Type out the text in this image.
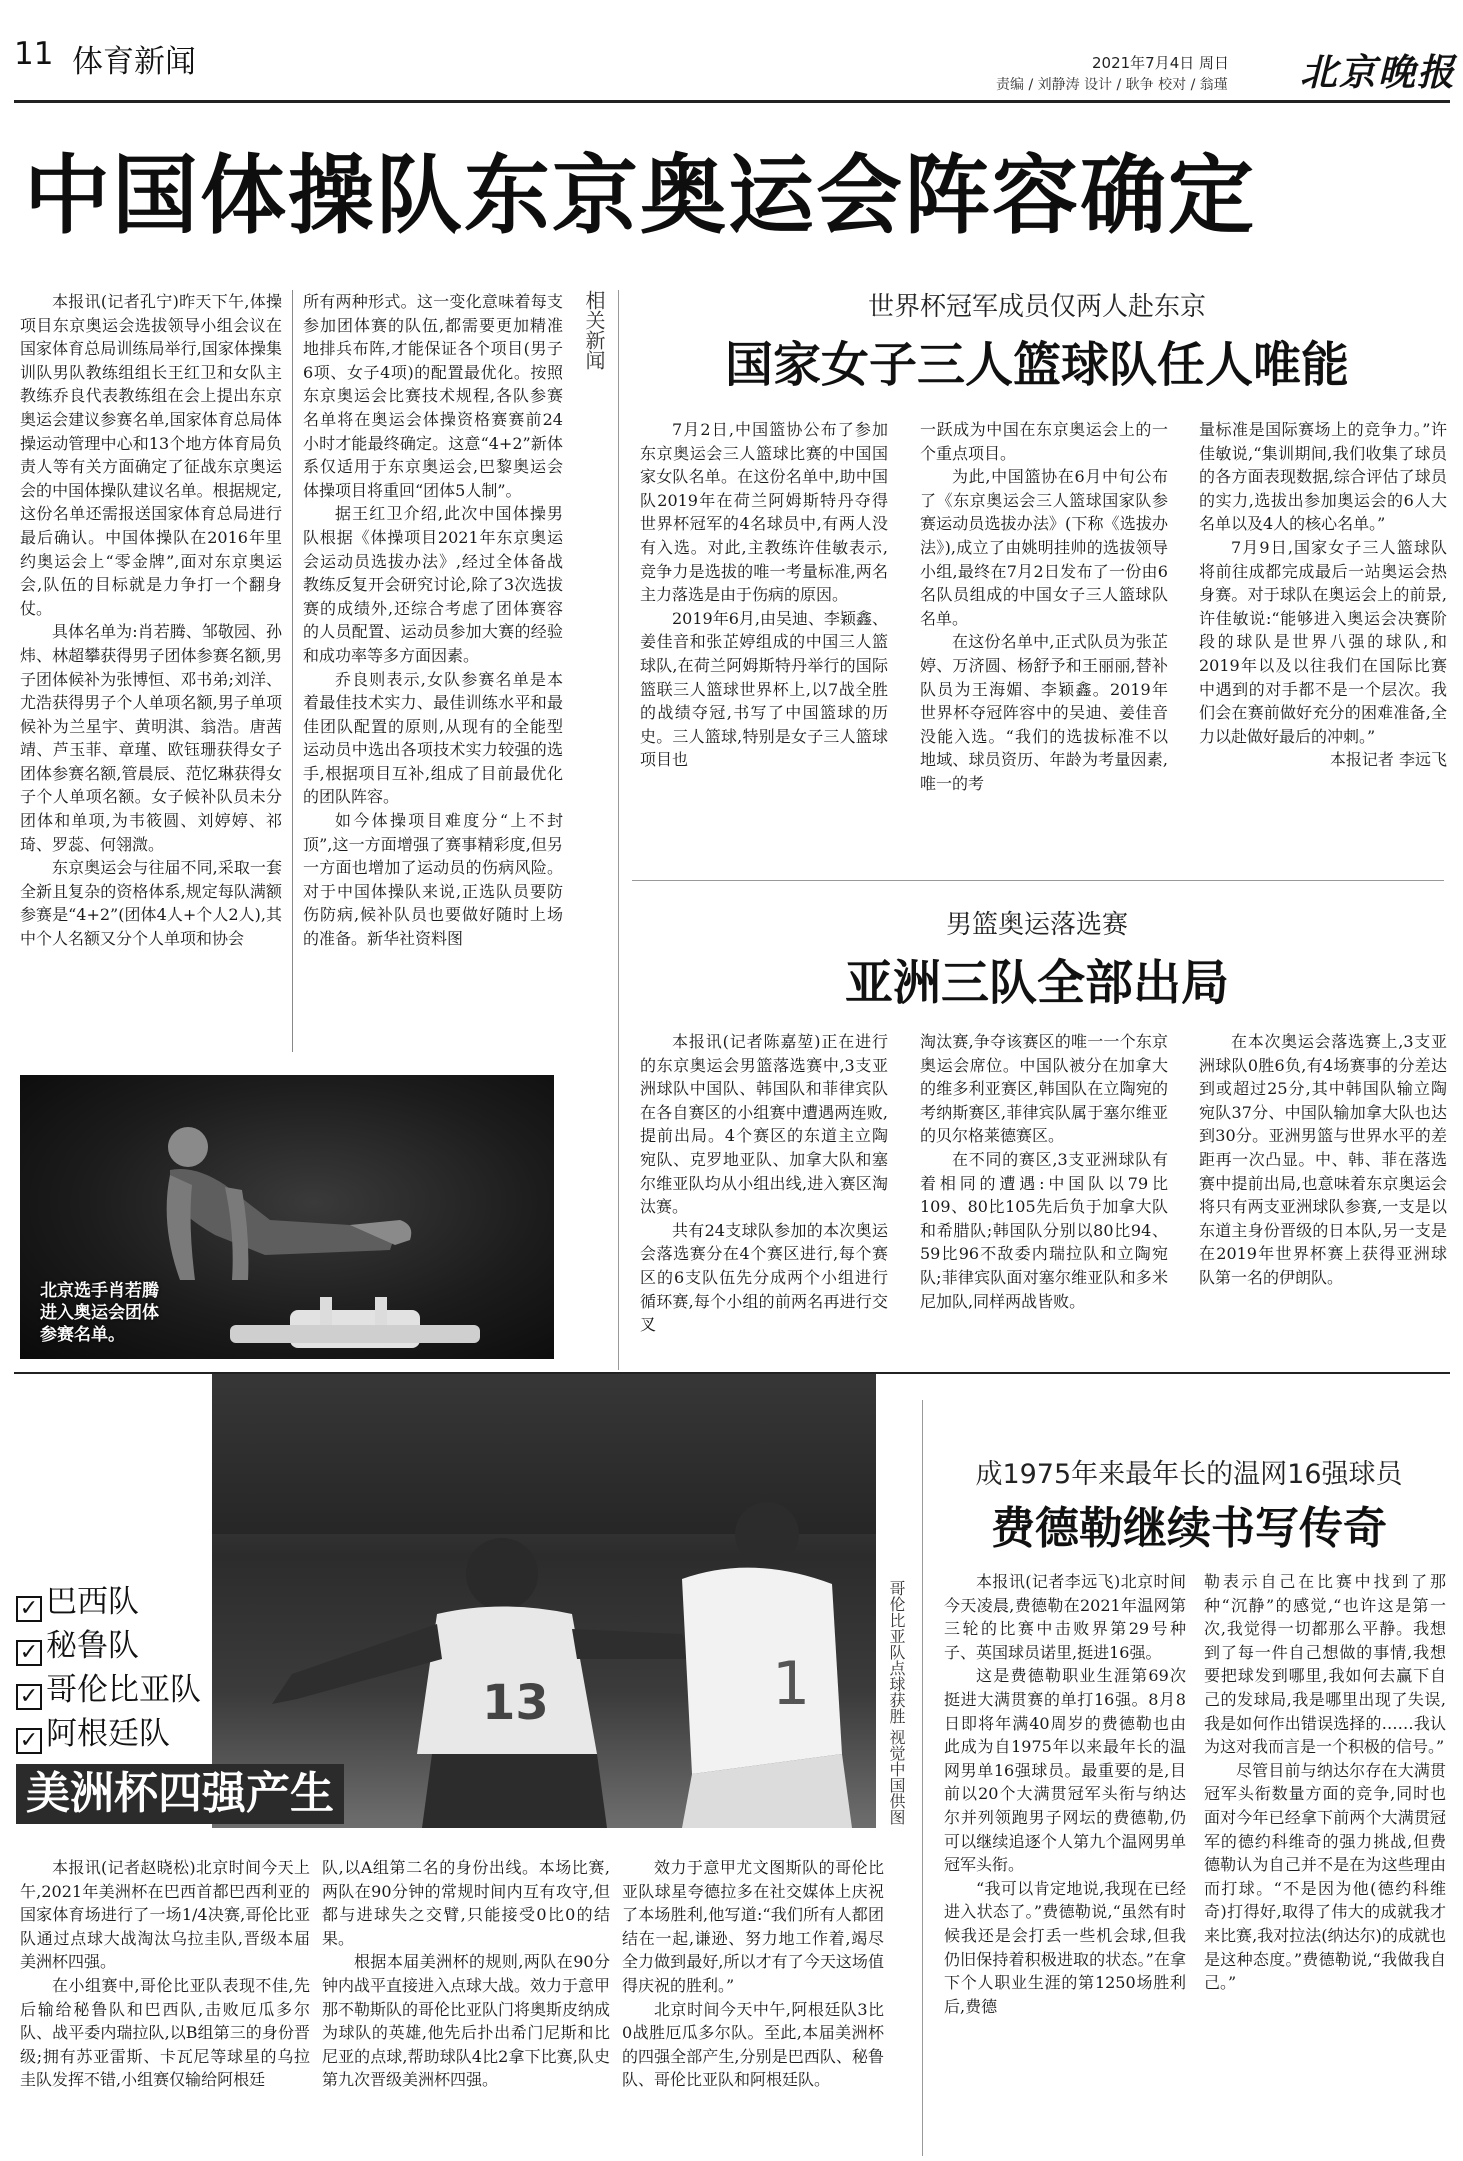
11 体育新闻	2021年7月4日 周日
责编 / 刘静涛 设计 / 耿争 校对 / 翁瑾 北京晚报
中国体操队东京奥运会阵容确定

本报讯(记者孔宁)昨天下午,体操项目东京奥运会选拔领导小组会议在国家体育总局训练局举行,国家体操集训队男队教练组组长王红卫和女队主教练乔良代表教练组在会上提出东京奥运会建议参赛名单,国家体育总局体操运动管理中心和13个地方体育局负责人等有关方面确定了征战东京奥运会的中国体操队建议名单。根据规定,这份名单还需报送国家体育总局进行最后确认。中国体操队在2016年里约奥运会上“零金牌”,面对东京奥运会,队伍的目标就是力争打一个翻身仗。

具体名单为:肖若腾、邹敬园、孙炜、林超攀获得男子团体参赛名额,男子团体候补为张博恒、邓书弟;刘洋、尤浩获得男子个人单项名额,男子单项候补为兰星宇、黄明淇、翁浩。唐茜靖、芦玉菲、章瑾、欧钰珊获得女子团体参赛名额,管晨辰、范忆琳获得女子个人单项名额。女子候补队员未分团体和单项,为韦筱圆、刘婷婷、祁琦、罗蕊、何翎溦。

东京奥运会与往届不同,采取一套全新且复杂的资格体系,规定每队满额参赛是“4+2”(团体4人+个人2人),其中个人名额又分个人单项和协会

所有两种形式。这一变化意味着每支参加团体赛的队伍,都需要更加精准地排兵布阵,才能保证各个项目(男子6项、女子4项)的配置最优化。按照东京奥运会比赛技术规程,各队参赛名单将在奥运会体操资格赛赛前24小时才能最终确定。这意“4+2”新体系仅适用于东京奥运会,巴黎奥运会体操项目将重回“团体5人制”。

据王红卫介绍,此次中国体操男队根据《体操项目2021年东京奥运会运动员选拔办法》,经过全体备战教练反复开会研究讨论,除了3次选拔赛的成绩外,还综合考虑了团体赛容的人员配置、运动员参加大赛的经验和成功率等多方面因素。

乔良则表示,女队参赛名单是本着最佳技术实力、最佳训练水平和最佳团队配置的原则,从现有的全能型运动员中选出各项技术实力较强的选手,根据项目互补,组成了目前最优化的团队阵容。

如今体操项目难度分“上不封顶”,这一方面增强了赛事精彩度,但另一方面也增加了运动员的伤病风险。对于中国体操队来说,正选队员要防伤防病,候补队员也要做好随时上场的准备。新华社资料图

北京选手肖若腾进入奥运会团体参赛名单。
相关新闻	世界杯冠军成员仅两人赴东京
国家女子三人篮球队任人唯能

7月2日,中国篮协公布了参加东京奥运会三人篮球比赛的中国国家女队名单。在这份名单中,助中国队2019年在荷兰阿姆斯特丹夺得世界杯冠军的4名球员中,有两人没有入选。对此,主教练许佳敏表示,竞争力是选拔的唯一考量标准,两名主力落选是由于伤病的原因。

2019年6月,由吴迪、李颖鑫、姜佳音和张芷婷组成的中国三人篮球队,在荷兰阿姆斯特丹举行的国际篮联三人篮球世界杯上,以7战全胜的战绩夺冠,书写了中国篮球的历史。三人篮球,特别是女子三人篮球项目也

一跃成为中国在东京奥运会上的一个重点项目。

为此,中国篮协在6月中旬公布了《东京奥运会三人篮球国家队参赛运动员选拔办法》(下称《选拔办法》),成立了由姚明挂帅的选拔领导小组,最终在7月2日发布了一份由6名队员组成的中国女子三人篮球队名单。

在这份名单中,正式队员为张芷婷、万济圆、杨舒予和王丽丽,替补队员为王海媚、李颖鑫。2019年世界杯夺冠阵容中的吴迪、姜佳音没能入选。“我们的选拔标准不以地域、球员资历、年龄为考量因素,唯一的考

量标准是国际赛场上的竞争力。”许佳敏说,“集训期间,我们收集了球员的各方面表现数据,综合评估了球员的实力,选拔出参加奥运会的6人大名单以及4人的核心名单。”

7月9日,国家女子三人篮球队将前往成都完成最后一站奥运会热身赛。对于球队在奥运会上的前景,许佳敏说:“能够进入奥运会决赛阶段的球队是世界八强的球队,和2019年以及以往我们在国际比赛中遇到的对手都不是一个层次。我们会在赛前做好充分的困难准备,全力以赴做好最后的冲刺。”

本报记者 李远飞

男篮奥运落选赛
亚洲三队全部出局

本报讯(记者陈嘉堃)正在进行的东京奥运会男篮落选赛中,3支亚洲球队中国队、韩国队和菲律宾队在各自赛区的小组赛中遭遇两连败,提前出局。4个赛区的东道主立陶宛队、克罗地亚队、加拿大队和塞尔维亚队均从小组出线,进入赛区淘汰赛。

共有24支球队参加的本次奥运会落选赛分在4个赛区进行,每个赛区的6支队伍先分成两个小组进行循环赛,每个小组的前两名再进行交叉

淘汰赛,争夺该赛区的唯一一个东京奥运会席位。中国队被分在加拿大的维多利亚赛区,韩国队在立陶宛的考纳斯赛区,菲律宾队属于塞尔维亚的贝尔格莱德赛区。

在不同的赛区,3支亚洲球队有着相同的遭遇:中国队以79比109、80比105先后负于加拿大队和希腊队;韩国队分别以80比94、59比96不敌委内瑞拉队和立陶宛队;菲律宾队面对塞尔维亚队和多米尼加队,同样两战皆败。

在本次奥运会落选赛上,3支亚洲球队0胜6负,有4场赛事的分差达到或超过25分,其中韩国队输立陶宛队37分、中国队输加拿大队也达到30分。亚洲男篮与世界水平的差距再一次凸显。中、韩、菲在落选赛中提前出局,也意味着东京奥运会将只有两支亚洲球队参赛,一支是以东道主身份晋级的日本队,另一支是在2019年世界杯赛上获得亚洲球队第一名的伊朗队。

13	1
✓ 巴西队
✓ 秘鲁队
✓ 哥伦比亚队
✓ 阿根廷队
美洲杯四强产生	哥伦比亚队点球获胜 视觉中国供图

本报讯(记者赵晓松)北京时间今天上午,2021年美洲杯在巴西首都巴西利亚的国家体育场进行了一场1/4决赛,哥伦比亚队通过点球大战淘汰乌拉圭队,晋级本届美洲杯四强。

在小组赛中,哥伦比亚队表现不佳,先后输给秘鲁队和巴西队,击败厄瓜多尔队、战平委内瑞拉队,以B组第三的身份晋级;拥有苏亚雷斯、卡瓦尼等球星的乌拉圭队发挥不错,小组赛仅输给阿根廷

队,以A组第二名的身份出线。本场比赛,两队在90分钟的常规时间内互有攻守,但都与进球失之交臂,只能接受0比0的结果。

根据本届美洲杯的规则,两队在90分钟内战平直接进入点球大战。效力于意甲那不勒斯队的哥伦比亚队门将奥斯皮纳成为球队的英雄,他先后扑出希门尼斯和比尼亚的点球,帮助球队4比2拿下比赛,队史第九次晋级美洲杯四强。

效力于意甲尤文图斯队的哥伦比亚队球星夸德拉多在社交媒体上庆祝了本场胜利,他写道:“我们所有人都团结在一起,谦逊、努力地工作着,竭尽全力做到最好,所以才有了今天这场值得庆祝的胜利。”

北京时间今天中午,阿根廷队3比0战胜厄瓜多尔队。至此,本届美洲杯的四强全部产生,分别是巴西队、秘鲁队、哥伦比亚队和阿根廷队。

成1975年来最年长的温网16强球员
费德勒继续书写传奇

本报讯(记者李远飞)北京时间今天凌晨,费德勒在2021年温网第三轮的比赛中击败界第29号种子、英国球员诺里,挺进16强。

这是费德勒职业生涯第69次挺进大满贯赛的单打16强。8月8日即将年满40周岁的费德勒也由此成为自1975年以来最年长的温网男单16强球员。最重要的是,目前以20个大满贯冠军头衔与纳达尔并列领跑男子网坛的费德勒,仍可以继续追逐个人第九个温网男单冠军头衔。

“我可以肯定地说,我现在已经进入状态了。”费德勒说,“虽然有时候我还是会打丢一些机会球,但我仍旧保持着积极进取的状态。”在拿下个人职业生涯的第1250场胜利后,费德

勒表示自己在比赛中找到了那种“沉静”的感觉,“也许这是第一次,我觉得一切都那么平静。我想到了每一件自己想做的事情,我想要把球发到哪里,我如何去赢下自己的发球局,我是哪里出现了失误,我是如何作出错误选择的……我认为这对我而言是一个积极的信号。”

尽管目前与纳达尔存在大满贯冠军头衔数量方面的竞争,同时也面对今年已经拿下前两个大满贯冠军的德约科维奇的强力挑战,但费德勒认为自己并不是在为这些理由而打球。“不是因为他(德约科维奇)打得好,取得了伟大的成就我才来比赛,我对拉法(纳达尔)的成就也是这种态度。”费德勒说,“我做我自己。”
